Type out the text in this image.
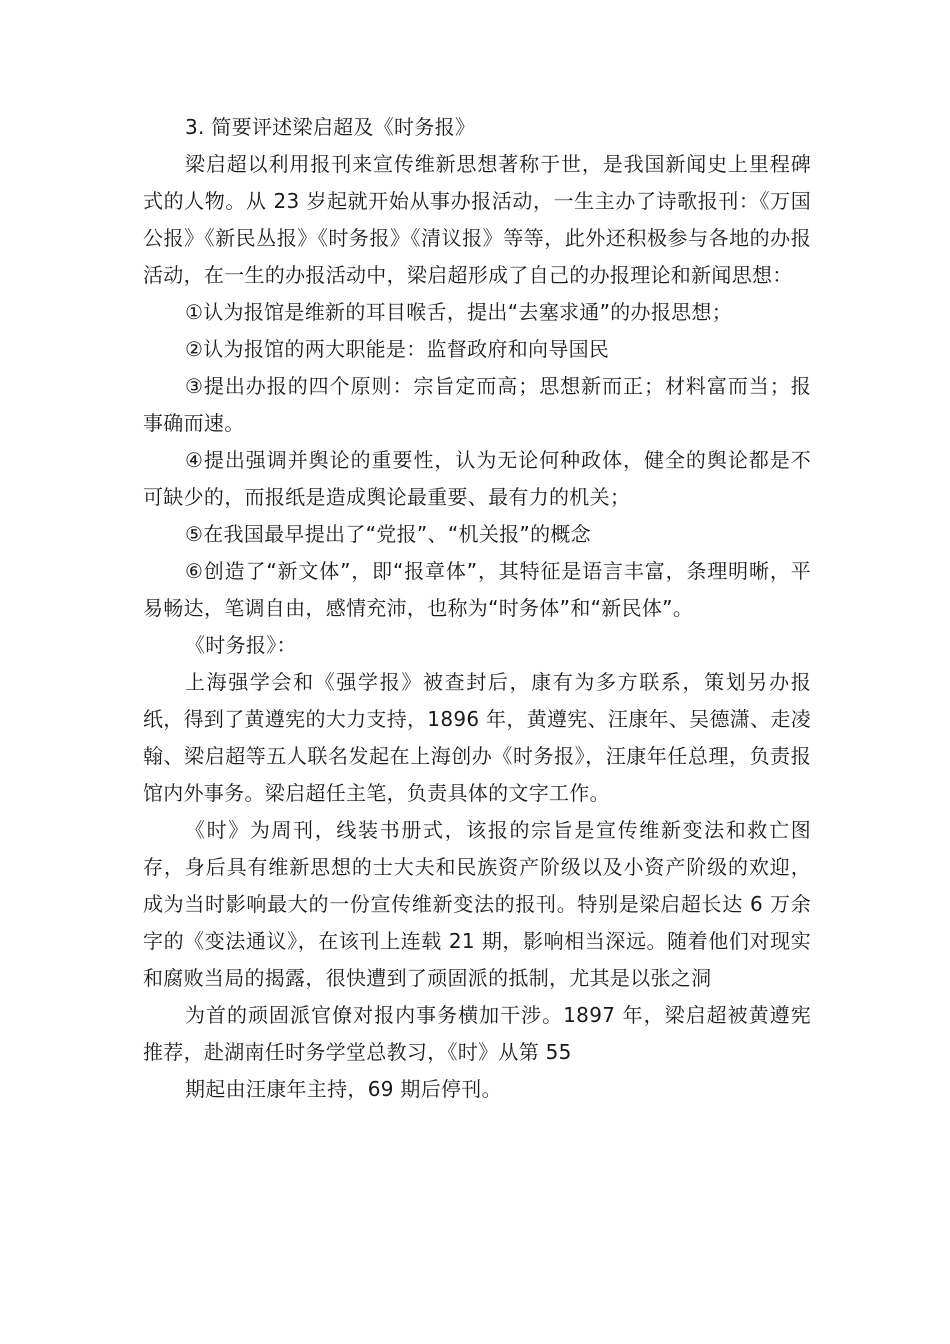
3. 简要评述梁启超及《时务报》

梁启超以利用报刊来宣传维新思想著称于世，是我国新闻史上里程碑式的人物。从 23 岁起就开始从事办报活动，一生主办了诗歌报刊：《万国公报》《新民丛报》《时务报》《清议报》等等，此外还积极参与各地的办报活动，在一生的办报活动中，梁启超形成了自己的办报理论和新闻思想：

①认为报馆是维新的耳目喉舌，提出“去塞求通”的办报思想；

②认为报馆的两大职能是：监督政府和向导国民

③提出办报的四个原则：宗旨定而高；思想新而正；材料富而当；报事确而速。

④提出强调并舆论的重要性，认为无论何种政体，健全的舆论都是不可缺少的，而报纸是造成舆论最重要、最有力的机关；

⑤在我国最早提出了“党报”、“机关报”的概念

⑥创造了“新文体”，即“报章体”，其特征是语言丰富，条理明晰，平易畅达，笔调自由，感情充沛，也称为“时务体”和“新民体”。

《时务报》：

上海强学会和《强学报》被查封后，康有为多方联系，策划另办报纸，得到了黄遵宪的大力支持，1896 年，黄遵宪、汪康年、吴德潇、走凌翰、梁启超等五人联名发起在上海创办《时务报》，汪康年任总理，负责报馆内外事务。梁启超任主笔，负责具体的文字工作。

《时》为周刊，线装书册式，该报的宗旨是宣传维新变法和救亡图存，身后具有维新思想的士大夫和民族资产阶级以及小资产阶级的欢迎，成为当时影响最大的一份宣传维新变法的报刊。特别是梁启超长达 6 万余字的《变法通议》，在该刊上连载 21 期，影响相当深远。随着他们对现实和腐败当局的揭露，很快遭到了顽固派的抵制，尤其是以张之洞

为首的顽固派官僚对报内事务横加干涉。1897 年，梁启超被黄遵宪推荐，赴湖南任时务学堂总教习，《时》从第 55

期起由汪康年主持，69 期后停刊。
